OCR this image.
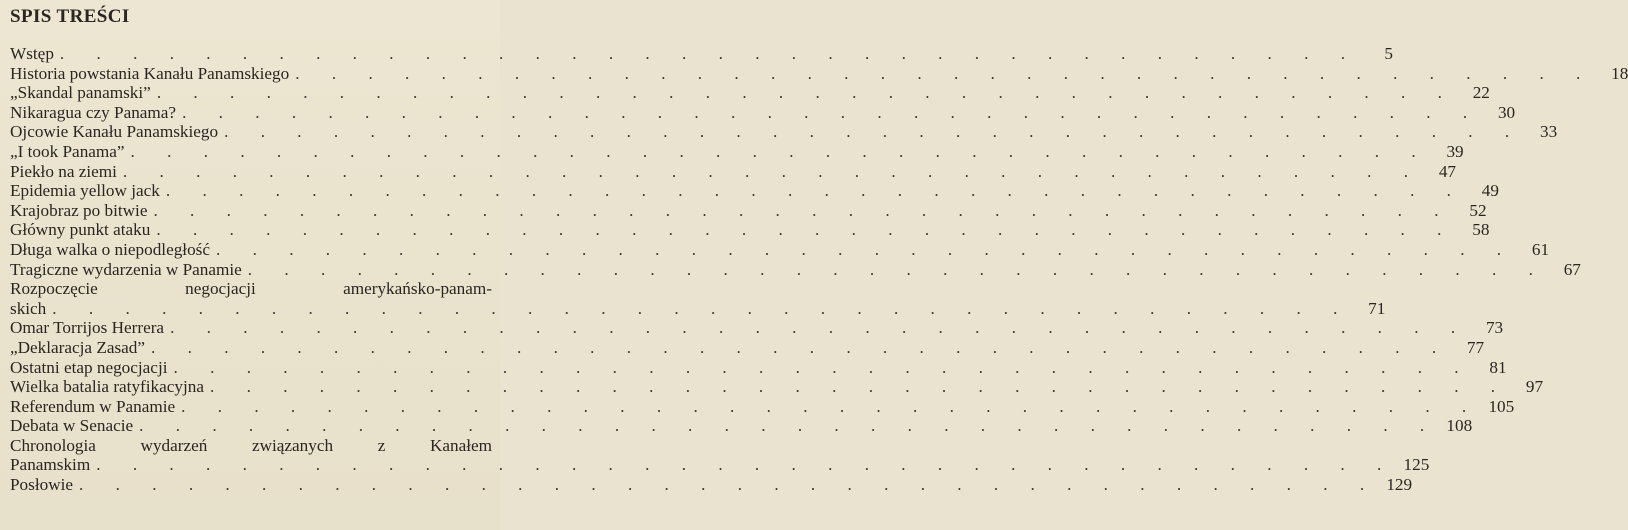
SPIS TREŚCI
Wstęp . . . . . . . . . . . . . . . . . . . . . . . . . . . . . . . . . . . .	5
Historia powstania Kanału Panamskiego . . . . . . . . . . . . . . . . . . . . . . . . . . . . . . . . . . . . 18
„Skandal panamski” . . . . . . . . . . . . . . . . . . . . . . . . . . . . . . . . . . . . 22
Nikaragua czy Panama? . . . . . . . . . . . . . . . . . . . . . . . . . . . . . . . . . . . . 30
Ojcowie Kanału Panamskiego . . . . . . . . . . . . . . . . . . . . . . . . . . . . . . . . . . . . 33
„I took Panama” . . . . . . . . . . . . . . . . . . . . . . . . . . . . . . . . . . . . 39
Piekło na ziemi . . . . . . . . . . . . . . . . . . . . . . . . . . . . . . . . . . . . 47
Epidemia yellow jack . . . . . . . . . . . . . . . . . . . . . . . . . . . . . . . . . . . . 49
Krajobraz po bitwie . . . . . . . . . . . . . . . . . . . . . . . . . . . . . . . . . . . . 52
Główny punkt ataku . . . . . . . . . . . . . . . . . . . . . . . . . . . . . . . . . . . . 58
Długa walka o niepodległość . . . . . . . . . . . . . . . . . . . . . . . . . . . . . . . . . . . . 61
Tragiczne wydarzenia w Panamie . . . . . . . . . . . . . . . . . . . . . . . . . . . . . . . . . . . . 67
Rozpoczęcie negocjacji amerykańsko-panam-
skich . . . . . . . . . . . . . . . . . . . . . . . . . . . . . . . . . . . . 71
Omar Torrijos Herrera . . . . . . . . . . . . . . . . . . . . . . . . . . . . . . . . . . . . 73
„Deklaracja Zasad” . . . . . . . . . . . . . . . . . . . . . . . . . . . . . . . . . . . . 77
Ostatni etap negocjacji . . . . . . . . . . . . . . . . . . . . . . . . . . . . . . . . . . . . 81
Wielka batalia ratyfikacyjna . . . . . . . . . . . . . . . . . . . . . . . . . . . . . . . . . . . . 97
Referendum w Panamie . . . . . . . . . . . . . . . . . . . . . . . . . . . . . . . . . . . . 105
Debata w Senacie . . . . . . . . . . . . . . . . . . . . . . . . . . . . . . . . . . . . 108
Chronologia wydarzeń związanych z Kanałem
Panamskim . . . . . . . . . . . . . . . . . . . . . . . . . . . . . . . . . . . . 125
Posłowie . . . . . . . . . . . . . . . . . . . . . . . . . . . . . . . . . . . . 129
